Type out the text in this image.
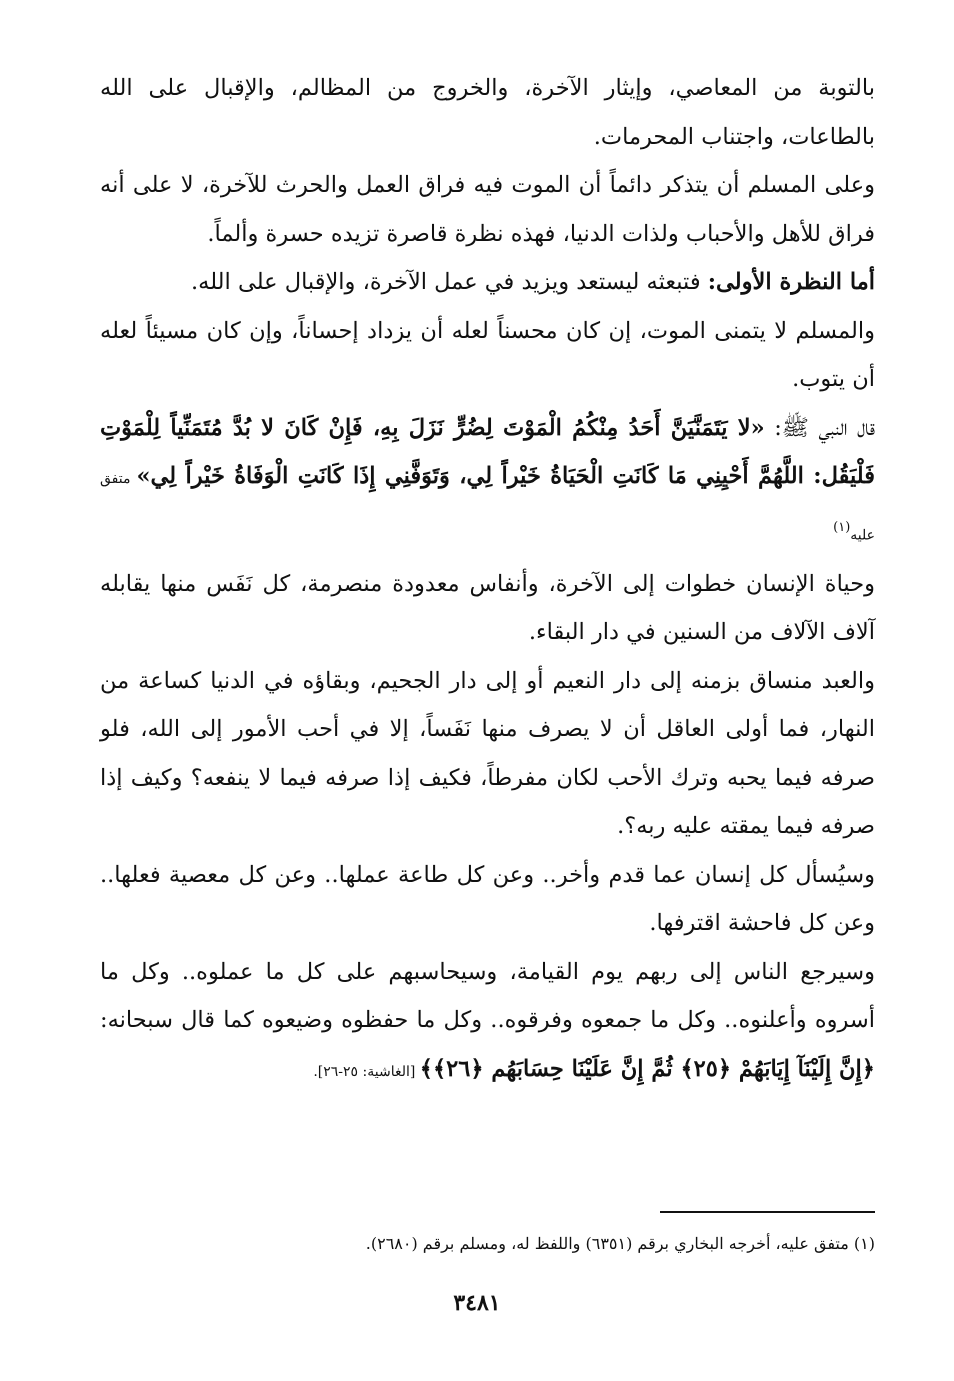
بالتوبة من المعاصي، وإيثار الآخرة، والخروج من المظالم، والإقبال على الله بالطاعات، واجتناب المحرمات.

وعلى المسلم أن يتذكر دائماً أن الموت فيه فراق العمل والحرث للآخرة، لا على أنه فراق للأهل والأحباب ولذات الدنيا، فهذه نظرة قاصرة تزيده حسرة وألماً.

أما النظرة الأولى: فتبعثه ليستعد ويزيد في عمل الآخرة، والإقبال على الله.

والمسلم لا يتمنى الموت، إن كان محسناً لعله أن يزداد إحساناً، وإن كان مسيئاً لعله أن يتوب.

قال النبي ﷺ: «لا يَتَمَنَّيَنَّ أَحَدُ مِنْكُمُ الْمَوْتَ لِضُرٍّ نَزَلَ بِهِ، فَإِنْ كَانَ لا بُدَّ مُتَمَنِّياً لِلْمَوْتِ فَلْيَقُل: اللَّهُمَّ أَحْيِنِي مَا كَانَتِ الْحَيَاةُ خَيْراً لِي، وَتَوَفَّنِي إِذَا كَانَتِ الْوَفَاةُ خَيْراً لِي» متفق عليه$^{(١)}$

وحياة الإنسان خطوات إلى الآخرة، وأنفاس معدودة منصرمة، كل نَفَس منها يقابله آلاف الآلاف من السنين في دار البقاء.

والعبد منساق بزمنه إلى دار النعيم أو إلى دار الجحيم، وبقاؤه في الدنيا كساعة من النهار، فما أولى العاقل أن لا يصرف منها نَفَساً، إلا في أحب الأمور إلى الله، فلو صرفه فيما يحبه وترك الأحب لكان مفرطاً، فكيف إذا صرفه فيما لا ينفعه؟ وكيف إذا صرفه فيما يمقته عليه ربه؟.

وسيُسأل كل إنسان عما قدم وأخر.. وعن كل طاعة عملها.. وعن كل معصية فعلها.. وعن كل فاحشة اقترفها.

وسيرجع الناس إلى ربهم يوم القيامة، وسيحاسبهم على كل ما عملوه.. وكل ما أسروه وأعلنوه.. وكل ما جمعوه وفرقوه.. وكل ما حفظوه وضيعوه كما قال سبحانه: ﴿إِنَّ إِلَيْنَآ إِيَابَهُمْ ﴿٢٥﴾ ثُمَّ إِنَّ عَلَيْنَا حِسَابَهُم ﴿٢٦﴾﴾ [الغاشية: ٢٥-٢٦].

(١) متفق عليه، أخرجه البخاري برقم (٦٣٥١) واللفظ له، ومسلم برقم (٢٦٨٠).
٣٤٨١
